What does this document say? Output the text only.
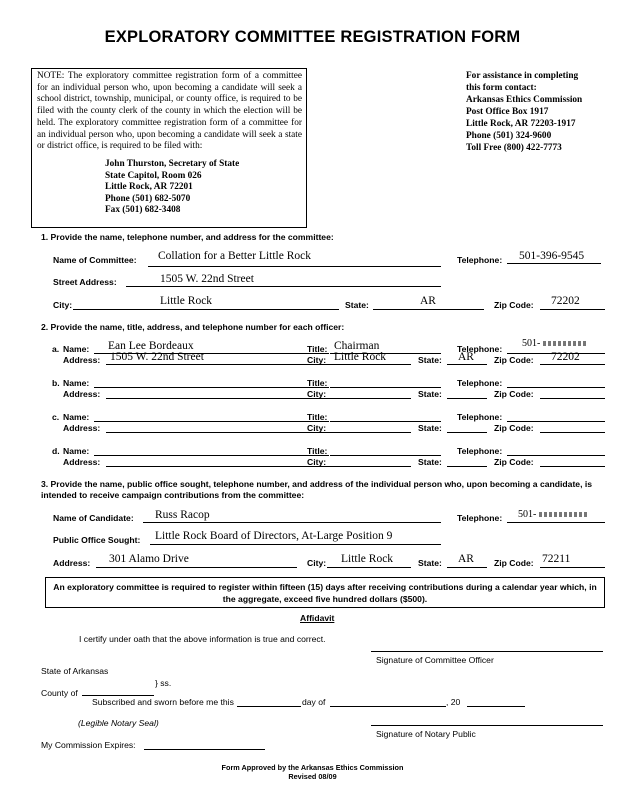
EXPLORATORY COMMITTEE REGISTRATION FORM
NOTE: The exploratory committee registration form of a committee for an individual person who, upon becoming a candidate will seek a school district, township, municipal, or county office, is required to be filed with the county clerk of the county in which the election will be held. The exploratory committee registration form of a committee for an individual person who, upon becoming a candidate will seek a state or district office, is required to be filed with:
John Thurston, Secretary of State
State Capitol, Room 026
Little Rock, AR 72201
Phone (501) 682-5070
Fax (501) 682-3408
For assistance in completing
this form contact:
Arkansas Ethics Commission
Post Office Box 1917
Little Rock, AR 72203-1917
Phone (501) 324-9600
Toll Free (800) 422-7773
1. Provide the name, telephone number, and address for the committee:
Name of Committee: Collation for a Better Little Rock	Telephone: 501-396-9545
Street Address:	1505 W. 22nd Street
City:	Little Rock	State:	AR	Zip Code: 72202
2. Provide the name, title, address, and telephone number for each officer:
a. Name: Ean Lee Bordeaux	Title: Chairman	Telephone: 501-
Address: 1505 W. 22nd Street	City: Little Rock	State: AR Zip Code: 72202
b. Name:	Title:	Telephone:
Address:	City:	State:	Zip Code:
c. Name:	Title:	Telephone:
Address:	City:	State:	Zip Code:
d. Name:	Title:	Telephone:
Address:	City:	State:	Zip Code:
3. Provide the name, public office sought, telephone number, and address of the individual person who, upon becoming a candidate, is intended to receive campaign contributions from the committee:
Name of Candidate: Russ Racop	Telephone: 501-
Public Office Sought: Little Rock Board of Directors, At-Large Position 9
Address: 301 Alamo Drive	City: Little Rock	State: AR Zip Code: 72211
An exploratory committee is required to register within fifteen (15) days after receiving contributions during a calendar year which, in the aggregate, exceed five hundred dollars ($500).
Affidavit
I certify under oath that the above information is true and correct.
Signature of Committee Officer
State of Arkansas
} ss.
County of
Subscribed and sworn before me this	day of	, 20
(Legible Notary Seal)
Signature of Notary Public
My Commission Expires:
Form Approved by the Arkansas Ethics Commission
Revised 08/09
